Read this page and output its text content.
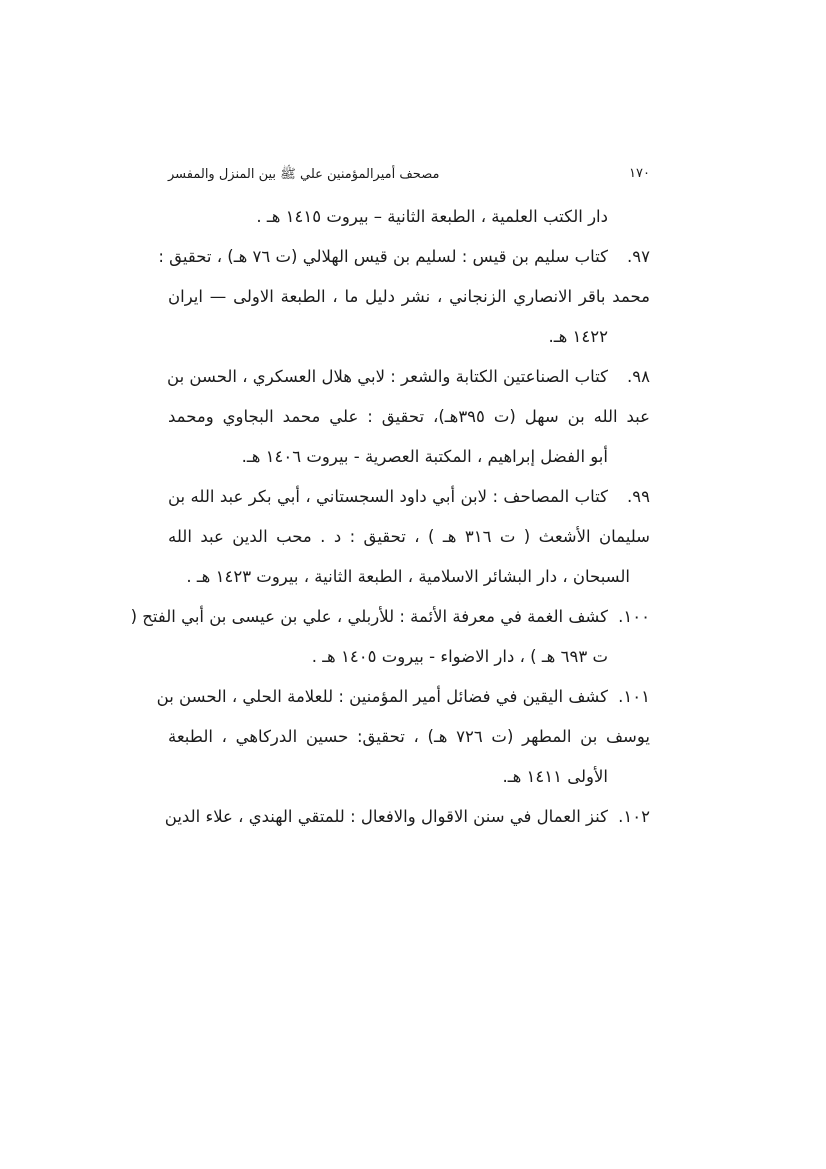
١٧٠
مصحف أميرالمؤمنين علي ﷺ بين المنزل والمفسر
دار الكتب العلمية ، الطبعة الثانية – بيروت ١٤١٥ هـ .
٩٧.
كتاب سليم بن قيس : لسليم بن قيس الهلالي (ت ٧٦ هـ) ، تحقيق :
محمد باقر الانصاري الزنجاني ، نشر دليل ما ، الطبعة الاولى — ايران
١٤٢٢ هـ.
٩٨.
كتاب الصناعتين الكتابة والشعر : لابي هلال العسكري ، الحسن بن
عبد الله بن سهل (ت ٣٩٥هـ)، تحقيق : علي محمد البجاوي ومحمد
أبو الفضل إبراهيم ، المكتبة العصرية - بيروت ١٤٠٦ هـ.
٩٩.
كتاب المصاحف : لابن أبي داود السجستاني ، أبي بكر عبد الله بن
سليمان الأشعث ( ت ٣١٦ هـ ) ، تحقيق : د . محب الدين عبد الله
السبحان ، دار البشائر الاسلامية ، الطبعة الثانية ، بيروت ١٤٢٣ هـ .
١٠٠.
كشف الغمة في معرفة الأئمة : للأربلي ، علي بن عيسى بن أبي الفتح (
ت ٦٩٣ هـ ) ، دار الاضواء - بيروت ١٤٠٥ هـ .
١٠١.
كشف اليقين في فضائل أمير المؤمنين : للعلامة الحلي ، الحسن بن
يوسف بن المطهر (ت ٧٢٦ هـ) ، تحقيق: حسين الدركاهي ، الطبعة
الأولى ١٤١١ هـ.
١٠٢.
كنز العمال في سنن الاقوال والافعال : للمتقي الهندي ، علاء الدين
